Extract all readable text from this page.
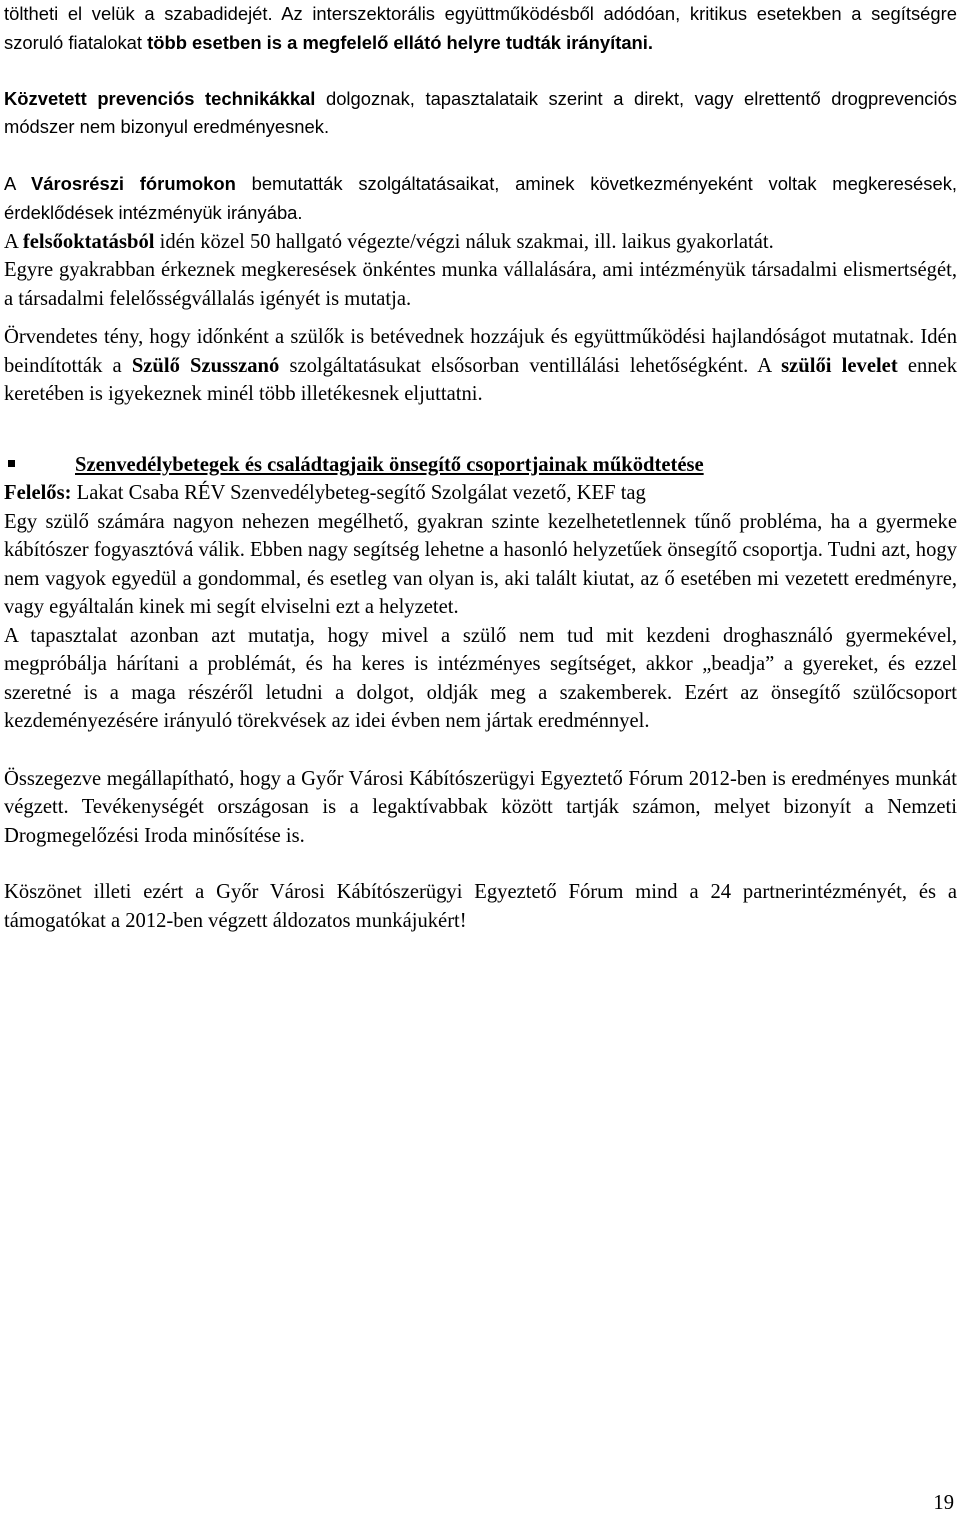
töltheti el velük a szabadidejét. Az interszektorális együttműködésből adódóan, kritikus esetekben a segítségre szoruló fiatalokat több esetben is a megfelelő ellátó helyre tudták irányítani.

Közvetett prevenciós technikákkal dolgoznak, tapasztalataik szerint a direkt, vagy elrettentő drogprevenciós módszer nem bizonyul eredményesnek.

A Városrészi fórumokon bemutatták szolgáltatásaikat, aminek következményeként voltak megkeresések, érdeklődések intézményük irányába.

A felsőoktatásból idén közel 50 hallgató végezte/végzi náluk szakmai, ill. laikus gyakorlatát.

Egyre gyakrabban érkeznek megkeresések önkéntes munka vállalására, ami intézményük társadalmi elismertségét, a társadalmi felelősségvállalás igényét is mutatja.

Örvendetes tény, hogy időnként a szülők is betévednek hozzájuk és együttműködési hajlandóságot mutatnak. Idén beindították a Szülő Szusszanó szolgáltatásukat elsősorban ventillálási lehetőségként. A szülői levelet ennek keretében is igyekeznek minél több illetékesnek eljuttatni.

Szenvedélybetegek és családtagjaik önsegítő csoportjainak működtetése

Felelős: Lakat Csaba RÉV Szenvedélybeteg-segítő Szolgálat vezető, KEF tag

Egy szülő számára nagyon nehezen megélhető, gyakran szinte kezelhetetlennek tűnő probléma, ha a gyermeke kábítószer fogyasztóvá válik. Ebben nagy segítség lehetne a hasonló helyzetűek önsegítő csoportja. Tudni azt, hogy nem vagyok egyedül a gondommal, és esetleg van olyan is, aki talált kiutat, az ő esetében mi vezetett eredményre, vagy egyáltalán kinek mi segít elviselni ezt a helyzetet.

A tapasztalat azonban azt mutatja, hogy mivel a szülő nem tud mit kezdeni droghasználó gyermekével, megpróbálja hárítani a problémát, és ha keres is intézményes segítséget, akkor „beadja” a gyereket, és ezzel szeretné is a maga részéről letudni a dolgot, oldják meg a szakemberek. Ezért az önsegítő szülőcsoport kezdeményezésére irányuló törekvések az idei évben nem jártak eredménnyel.

Összegezve megállapítható, hogy a Győr Városi Kábítószerügyi Egyeztető Fórum 2012-ben is eredményes munkát végzett. Tevékenységét országosan is a legaktívabbak között tartják számon, melyet bizonyít a Nemzeti Drogmegelőzési Iroda minősítése is.

Köszönet illeti ezért a Győr Városi Kábítószerügyi Egyeztető Fórum mind a 24 partnerintézményét, és a támogatókat a 2012-ben végzett áldozatos munkájukért!

19
